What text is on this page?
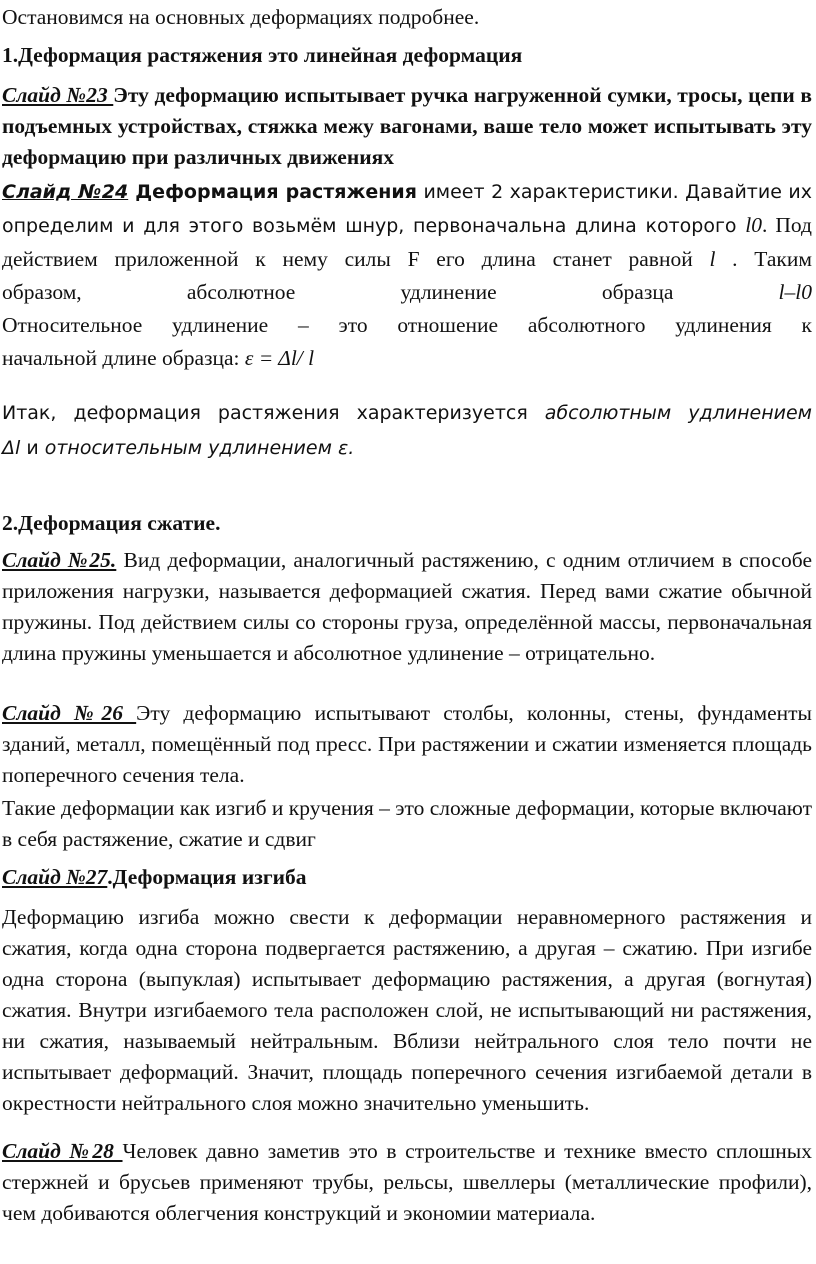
Остановимся на основных деформациях подробнее.

1.Деформация растяжения это линейная деформация

Слайд №23 Эту деформацию испытывает ручка нагруженной сумки, тросы, цепи в подъемных устройствах, стяжка межу вагонами, ваше тело может испытывать эту деформацию при различных движениях

Слайд №24 Деформация растяжения имеет 2 характеристики. Давайтие их
определим и для этого возьмём шнур, первоначальна длина которого l0. Под
действием приложенной к нему силы F его длина станет равной l . Таким
образом,	абсолютное	удлинение	образца	l–l0
Относительное удлинение – это отношение абсолютного удлинения к
начальной длине образца: ε = Δl/ l

Итак, деформация растяжения характеризуется абсолютным удлинением

Δl и относительным удлинением ε.

2.Деформация сжатие.

Слайд №25. Вид деформации, аналогичный растяжению, с одним отличием в способе приложения нагрузки, называется деформацией сжатия. Перед вами сжатие обычной пружины. Под действием силы со стороны груза, определённой массы, первоначальная длина пружины уменьшается и абсолютное удлинение – отрицательно.

Слайд №26 Эту деформацию испытывают столбы, колонны, стены, фундаменты зданий, металл, помещённый под пресс. При растяжении и сжатии изменяется площадь поперечного сечения тела.

Такие деформации как изгиб и кручения – это сложные деформации, которые включают в себя растяжение, сжатие и сдвиг

Слайд №27.Деформация изгиба

Деформацию изгиба можно свести к деформации неравномерного растяжения и сжатия, когда одна сторона подвергается растяжению, а другая – сжатию. При изгибе одна сторона (выпуклая) испытывает деформацию растяжения, а другая (вогнутая) сжатия. Внутри изгибаемого тела расположен слой, не испытывающий ни растяжения, ни сжатия, называемый нейтральным. Вблизи нейтрального слоя тело почти не испытывает деформаций. Значит, площадь поперечного сечения изгибаемой детали в окрестности нейтрального слоя можно значительно уменьшить.

Слайд №28 Человек давно заметив это в строительстве и технике вместо сплошных стержней и брусьев применяют трубы, рельсы, швеллеры (металлические профили), чем добиваются облегчения конструкций и экономии материала.
